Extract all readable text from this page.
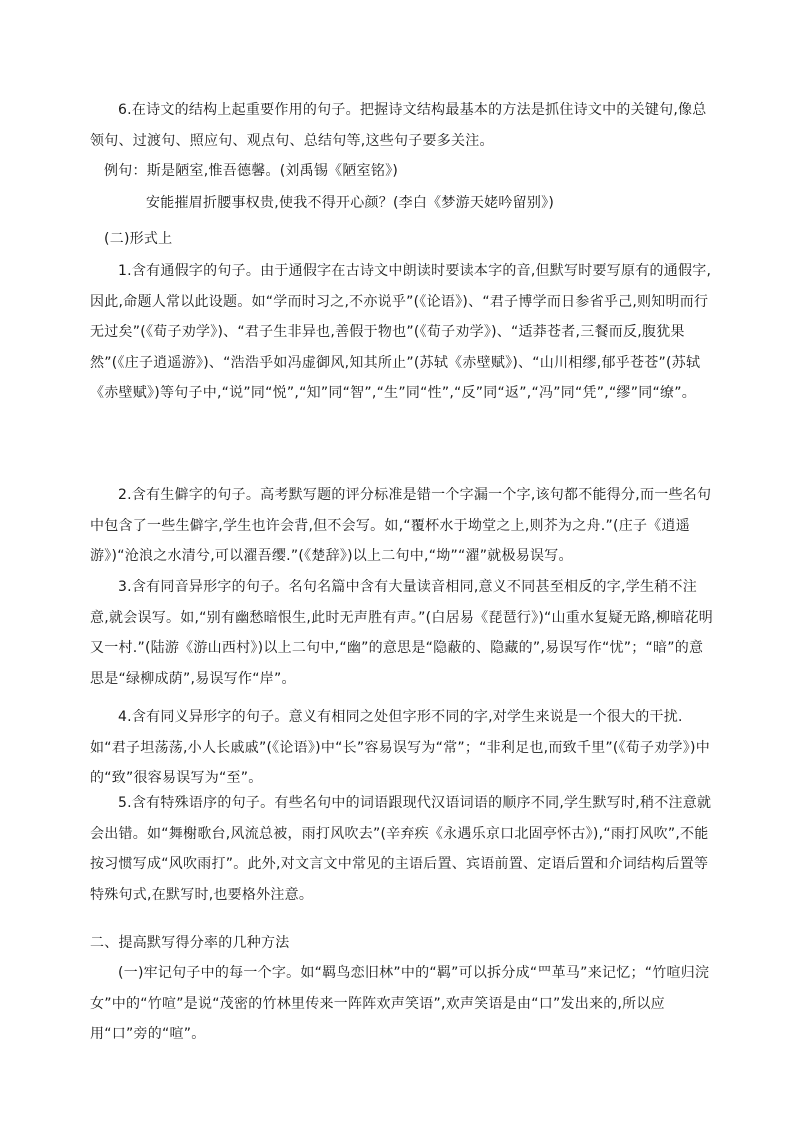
6.在诗文的结构上起重要作用的句子。把握诗文结构最基本的方法是抓住诗文中的关键句,像总领句、过渡句、照应句、观点句、总结句等,这些句子要多关注。

例句：斯是陋室,惟吾德馨。(刘禹锡《陋室铭》)

安能摧眉折腰事权贵,使我不得开心颜？(李白《梦游天姥吟留别》)

(二)形式上

1.含有通假字的句子。由于通假字在古诗文中朗读时要读本字的音,但默写时要写原有的通假字,因此,命题人常以此设题。如“学而时习之,不亦说乎”(《论语》)、“君子博学而日参省乎己,则知明而行无过矣”(《荀子劝学》)、“君子生非异也,善假于物也”(《荀子劝学》)、“适莽苍者,三餐而反,腹犹果然”(《庄子逍遥游》)、“浩浩乎如冯虚御风,知其所止”(苏轼《赤壁赋》)、“山川相缪,郁乎苍苍”(苏轼《赤壁赋》)等句子中,“说”同“悦”,“知”同“智”,“生”同“性”,“反”同“返”,“冯”同“凭”,“缪”同“缭”。

2.含有生僻字的句子。高考默写题的评分标准是错一个字漏一个字,该句都不能得分,而一些名句中包含了一些生僻字,学生也许会背,但不会写。如,“覆杯水于坳堂之上,则芥为之舟.”(庄子《逍遥游》)“沧浪之水清兮,可以濯吾缨.”(《楚辞》)以上二句中,“坳”“濯”就极易误写。

3.含有同音异形字的句子。名句名篇中含有大量读音相同,意义不同甚至相反的字,学生稍不注意,就会误写。如,“别有幽愁暗恨生,此时无声胜有声。”(白居易《琵琶行》)“山重水复疑无路,柳暗花明又一村.”(陆游《游山西村》)以上二句中,“幽”的意思是“隐蔽的、隐藏的”,易误写作“忧”；“暗”的意思是“绿柳成荫”,易误写作“岸”。

4.含有同义异形字的句子。意义有相同之处但字形不同的字,对学生来说是一个很大的干扰.如“君子坦荡荡,小人长戚戚”(《论语》)中“长”容易误写为“常”；“非利足也,而致千里”(《荀子劝学》)中的“致”很容易误写为“至”。

5.含有特殊语序的句子。有些名句中的词语跟现代汉语词语的顺序不同,学生默写时,稍不注意就会出错。如“舞榭歌台,风流总被，雨打风吹去”(辛弃疾《永遇乐京口北固亭怀古》),“雨打风吹”,不能按习惯写成“风吹雨打”。此外,对文言文中常见的主语后置、宾语前置、定语后置和介词结构后置等特殊句式,在默写时,也要格外注意。

二、提高默写得分率的几种方法

(一)牢记句子中的每一个字。如“羁鸟恋旧林”中的“羁”可以拆分成“罒革马”来记忆；“竹喧归浣女”中的“竹喧”是说“茂密的竹林里传来一阵阵欢声笑语”,欢声笑语是由“口”发出来的,所以应用“口”旁的“喧”。
